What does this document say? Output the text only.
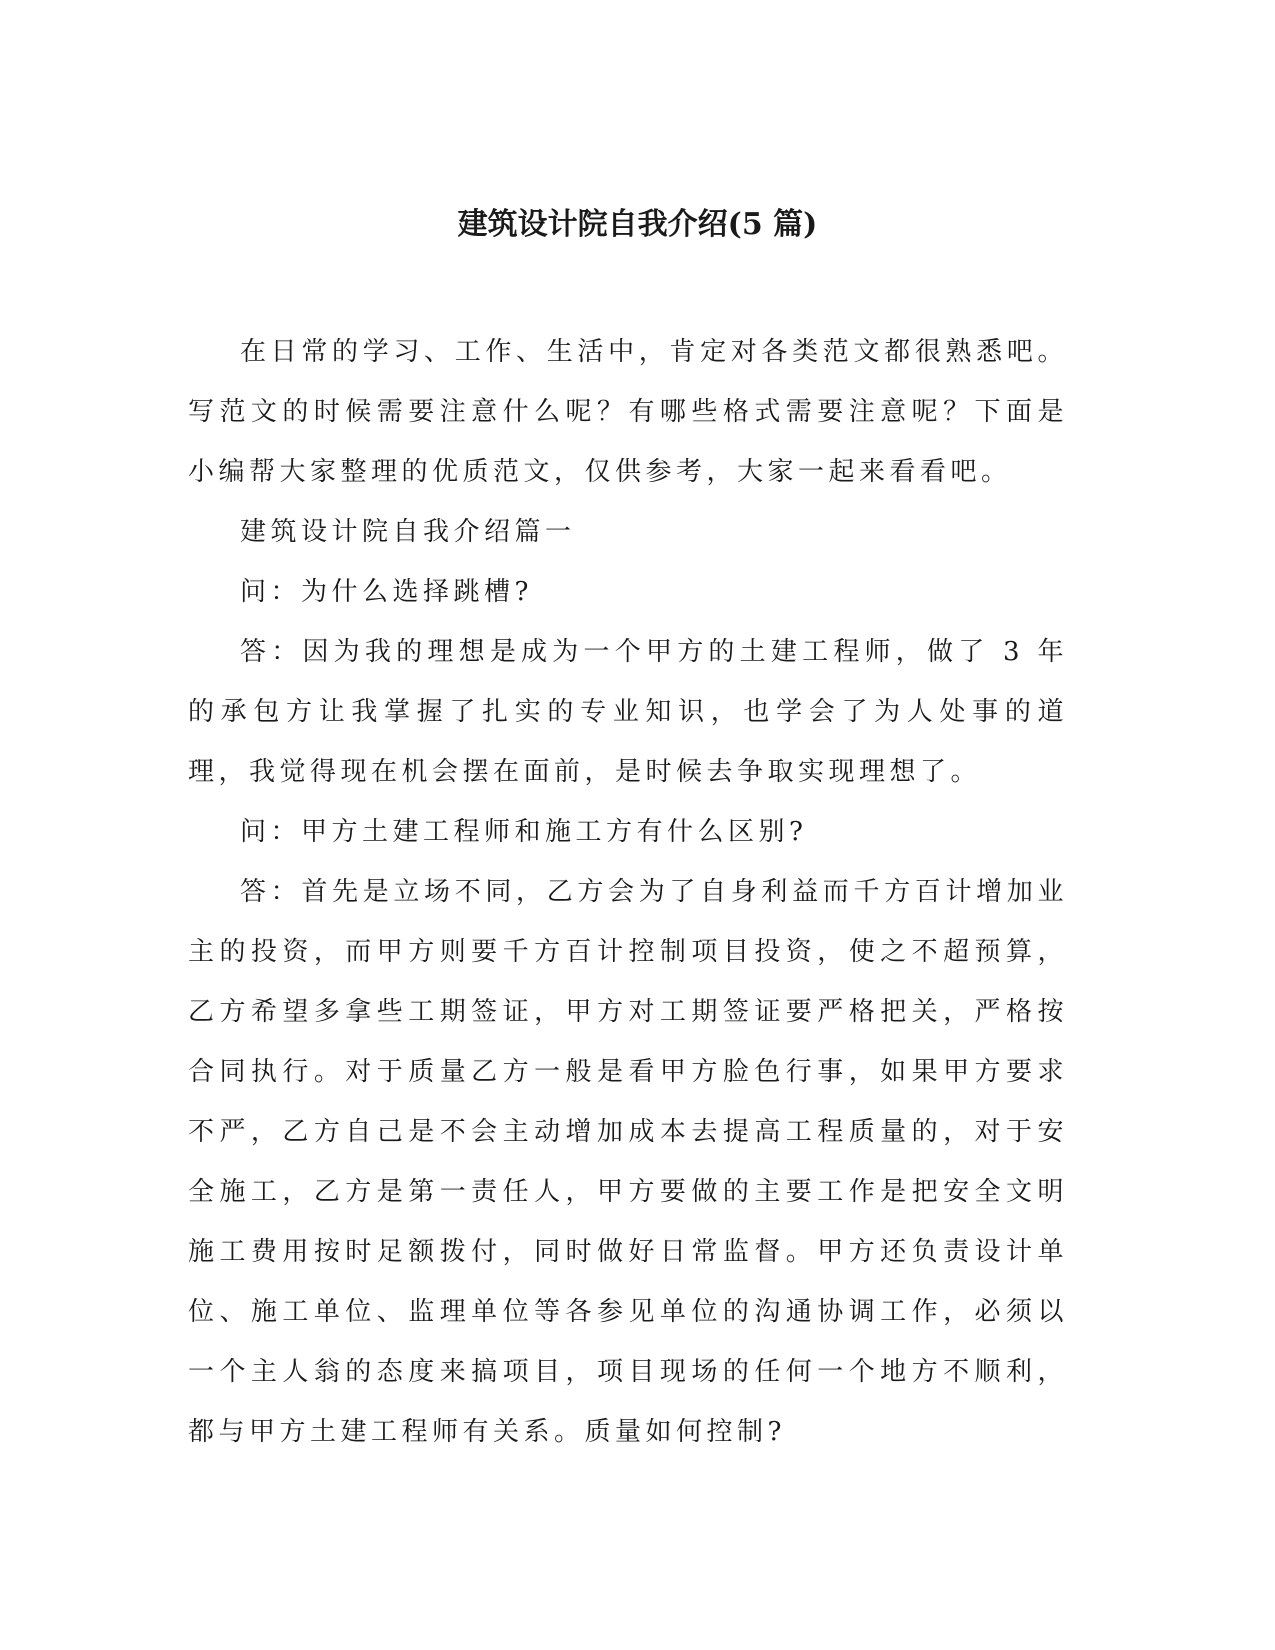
建筑设计院自我介绍(5 篇)

在日常的学习、工作、生活中，肯定对各类范文都很熟悉吧。写范文的时候需要注意什么呢？有哪些格式需要注意呢？下面是小编帮大家整理的优质范文，仅供参考，大家一起来看看吧。

建筑设计院自我介绍篇一

问：为什么选择跳槽?

答：因为我的理想是成为一个甲方的土建工程师，做了 3 年的承包方让我掌握了扎实的专业知识，也学会了为人处事的道理，我觉得现在机会摆在面前，是时候去争取实现理想了。

问：甲方土建工程师和施工方有什么区别?

答：首先是立场不同，乙方会为了自身利益而千方百计增加业主的投资，而甲方则要千方百计控制项目投资，使之不超预算，乙方希望多拿些工期签证，甲方对工期签证要严格把关，严格按合同执行。对于质量乙方一般是看甲方脸色行事，如果甲方要求不严，乙方自己是不会主动增加成本去提高工程质量的，对于安全施工，乙方是第一责任人，甲方要做的主要工作是把安全文明施工费用按时足额拨付，同时做好日常监督。甲方还负责设计单位、施工单位、监理单位等各参见单位的沟通协调工作，必须以一个主人翁的态度来搞项目，项目现场的任何一个地方不顺利，都与甲方土建工程师有关系。质量如何控制?
